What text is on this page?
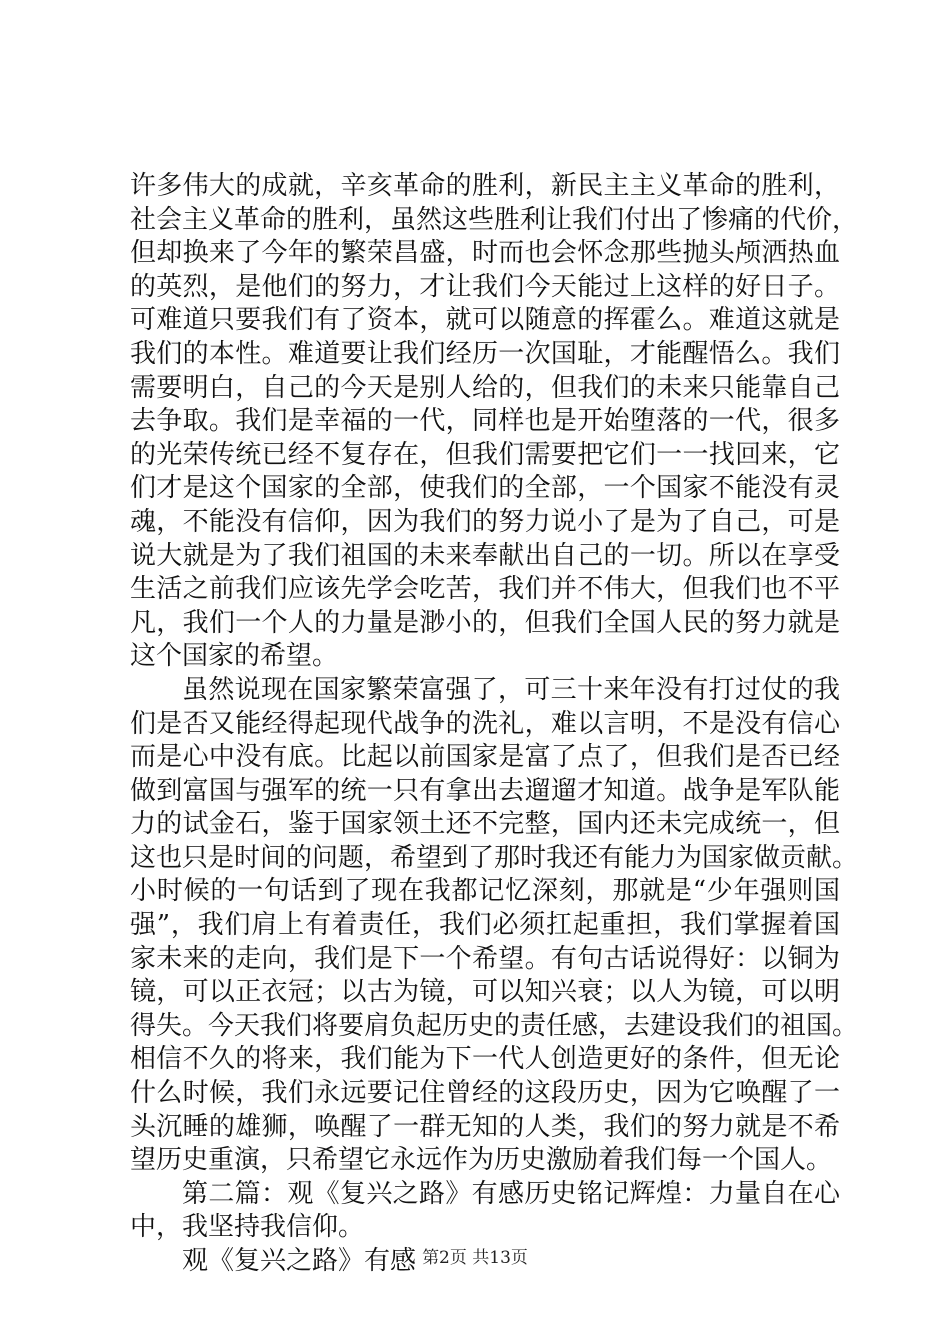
许多伟大的成就，辛亥革命的胜利，新民主主义革命的胜利，
社会主义革命的胜利，虽然这些胜利让我们付出了惨痛的代价，
但却换来了今年的繁荣昌盛，时而也会怀念那些抛头颅洒热血
的英烈，是他们的努力，才让我们今天能过上这样的好日子。
可难道只要我们有了资本，就可以随意的挥霍么。难道这就是
我们的本性。难道要让我们经历一次国耻，才能醒悟么。我们
需要明白，自己的今天是别人给的，但我们的未来只能靠自己
去争取。我们是幸福的一代，同样也是开始堕落的一代，很多
的光荣传统已经不复存在，但我们需要把它们一一找回来，它
们才是这个国家的全部，使我们的全部，一个国家不能没有灵
魂，不能没有信仰，因为我们的努力说小了是为了自己，可是
说大就是为了我们祖国的未来奉献出自己的一切。所以在享受
生活之前我们应该先学会吃苦，我们并不伟大，但我们也不平
凡，我们一个人的力量是渺小的，但我们全国人民的努力就是
这个国家的希望。
虽然说现在国家繁荣富强了，可三十来年没有打过仗的我
们是否又能经得起现代战争的洗礼，难以言明，不是没有信心
而是心中没有底。比起以前国家是富了点了，但我们是否已经
做到富国与强军的统一只有拿出去遛遛才知道。战争是军队能
力的试金石，鉴于国家领土还不完整，国内还未完成统一，但
这也只是时间的问题，希望到了那时我还有能力为国家做贡献。
小时候的一句话到了现在我都记忆深刻，那就是“少年强则国
强”，我们肩上有着责任，我们必须扛起重担，我们掌握着国
家未来的走向，我们是下一个希望。有句古话说得好：以铜为
镜，可以正衣冠；以古为镜，可以知兴衰；以人为镜，可以明
得失。今天我们将要肩负起历史的责任感，去建设我们的祖国。
相信不久的将来，我们能为下一代人创造更好的条件，但无论
什么时候，我们永远要记住曾经的这段历史，因为它唤醒了一
头沉睡的雄狮，唤醒了一群无知的人类，我们的努力就是不希
望历史重演，只希望它永远作为历史激励着我们每一个国人。
第二篇：观《复兴之路》有感历史铭记辉煌：力量自在心
中，我坚持我信仰。
观《复兴之路》有感 第2页 共13页
